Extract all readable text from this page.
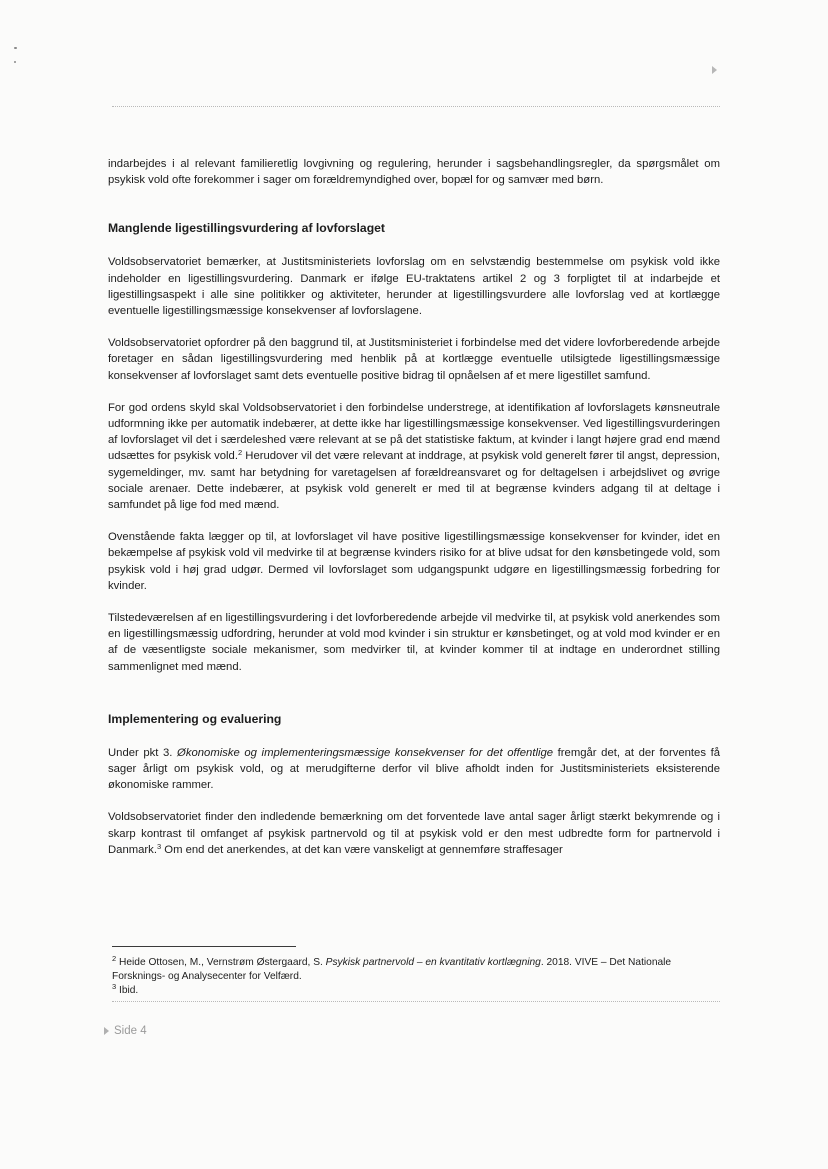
indarbejdes i al relevant familieretlig lovgivning og regulering, herunder i sagsbehandlingsregler, da spørgsmålet om psykisk vold ofte forekommer i sager om forældremyndighed over, bopæl for og samvær med børn.

Manglende ligestillingsvurdering af lovforslaget

Voldsobservatoriet bemærker, at Justitsministeriets lovforslag om en selvstændig bestemmelse om psykisk vold ikke indeholder en ligestillingsvurdering. Danmark er ifølge EU-traktatens artikel 2 og 3 forpligtet til at indarbejde et ligestillingsaspekt i alle sine politikker og aktiviteter, herunder at ligestillingsvurdere alle lovforslag ved at kortlægge eventuelle ligestillingsmæssige konsekvenser af lovforslagene.

Voldsobservatoriet opfordrer på den baggrund til, at Justitsministeriet i forbindelse med det videre lovforberedende arbejde foretager en sådan ligestillingsvurdering med henblik på at kortlægge eventuelle utilsigtede ligestillingsmæssige konsekvenser af lovforslaget samt dets eventuelle positive bidrag til opnåelsen af et mere ligestillet samfund.

For god ordens skyld skal Voldsobservatoriet i den forbindelse understrege, at identifikation af lovforslagets kønsneutrale udformning ikke per automatik indebærer, at dette ikke har ligestillingsmæssige konsekvenser. Ved ligestillingsvurderingen af lovforslaget vil det i særdeleshed være relevant at se på det statistiske faktum, at kvinder i langt højere grad end mænd udsættes for psykisk vold.$^2$ Herudover vil det være relevant at inddrage, at psykisk vold generelt fører til angst, depression, sygemeldinger, mv. samt har betydning for varetagelsen af forældreansvaret og for deltagelsen i arbejdslivet og øvrige sociale arenaer. Dette indebærer, at psykisk vold generelt er med til at begrænse kvinders adgang til at deltage i samfundet på lige fod med mænd.

Ovenstående fakta lægger op til, at lovforslaget vil have positive ligestillingsmæssige konsekvenser for kvinder, idet en bekæmpelse af psykisk vold vil medvirke til at begrænse kvinders risiko for at blive udsat for den kønsbetingede vold, som psykisk vold i høj grad udgør. Dermed vil lovforslaget som udgangspunkt udgøre en ligestillingsmæssig forbedring for kvinder.

Tilstedeværelsen af en ligestillingsvurdering i det lovforberedende arbejde vil medvirke til, at psykisk vold anerkendes som en ligestillingsmæssig udfordring, herunder at vold mod kvinder i sin struktur er kønsbetinget, og at vold mod kvinder er en af de væsentligste sociale mekanismer, som medvirker til, at kvinder kommer til at indtage en underordnet stilling sammenlignet med mænd.

Implementering og evaluering

Under pkt 3. Økonomiske og implementeringsmæssige konsekvenser for det offentlige fremgår det, at der forventes få sager årligt om psykisk vold, og at merudgifterne derfor vil blive afholdt inden for Justitsministeriets eksisterende økonomiske rammer.

Voldsobservatoriet finder den indledende bemærkning om det forventede lave antal sager årligt stærkt bekymrende og i skarp kontrast til omfanget af psykisk partnervold og til at psykisk vold er den mest udbredte form for partnervold i Danmark.$^3$ Om end det anerkendes, at det kan være vanskeligt at gennemføre straffesager

$^2$ Heide Ottosen, M., Vernstrøm Østergaard, S. Psykisk partnervold – en kvantitativ kortlægning. 2018. VIVE – Det Nationale Forsknings- og Analysecenter for Velfærd.

$^3$ Ibid.

Side 4
